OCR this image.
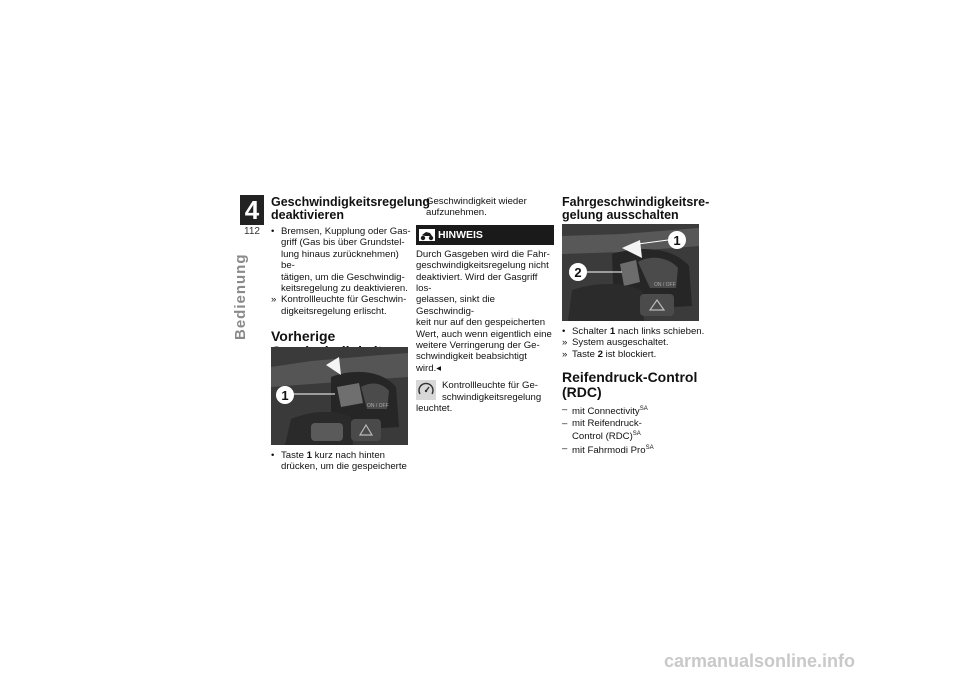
4
112
Bedienung
Geschwindigkeitsregelung deaktivieren
• Bremsen, Kupplung oder Gas-
griff (Gas bis über Grundstel-
lung hinaus zurücknehmen) be-
tätigen, um die Geschwindig-
keitsregelung zu deaktivieren.
» Kontrollleuchte für Geschwin-
digkeitsregelung erlischt.
Vorherige
ON / OFF
1
• Taste 1 kurz nach hinten
drücken, um die gespeicherte
Geschwindigkeit wieder
aufzunehmen.
HINWEIS

Durch Gasgeben wird die Fahr-

geschwindigkeitsregelung nicht

deaktiviert. Wird der Gasgriff los-

gelassen, sinkt die Geschwindig-

keit nur auf den gespeicherten

Wert, auch wenn eigentlich eine

weitere Verringerung der Ge-

schwindigkeit beabsichtigt wird.◂

Kontrollleuchte für Ge-

schwindigkeitsregelung

leuchtet.

Fahrgeschwindigkeitsre-
gelung ausschalten
ON / OFF
1
2
• Schalter 1 nach links schieben.
» System ausgeschaltet.
» Taste 2 ist blockiert.
Reifendruck-Control
(RDC)
– mit Connectivity$^{SA}$
– mit Reifendruck-
Control (RDC)$^{SA}$
– mit Fahrmodi Pro$^{SA}$
carmanualsonline.info
